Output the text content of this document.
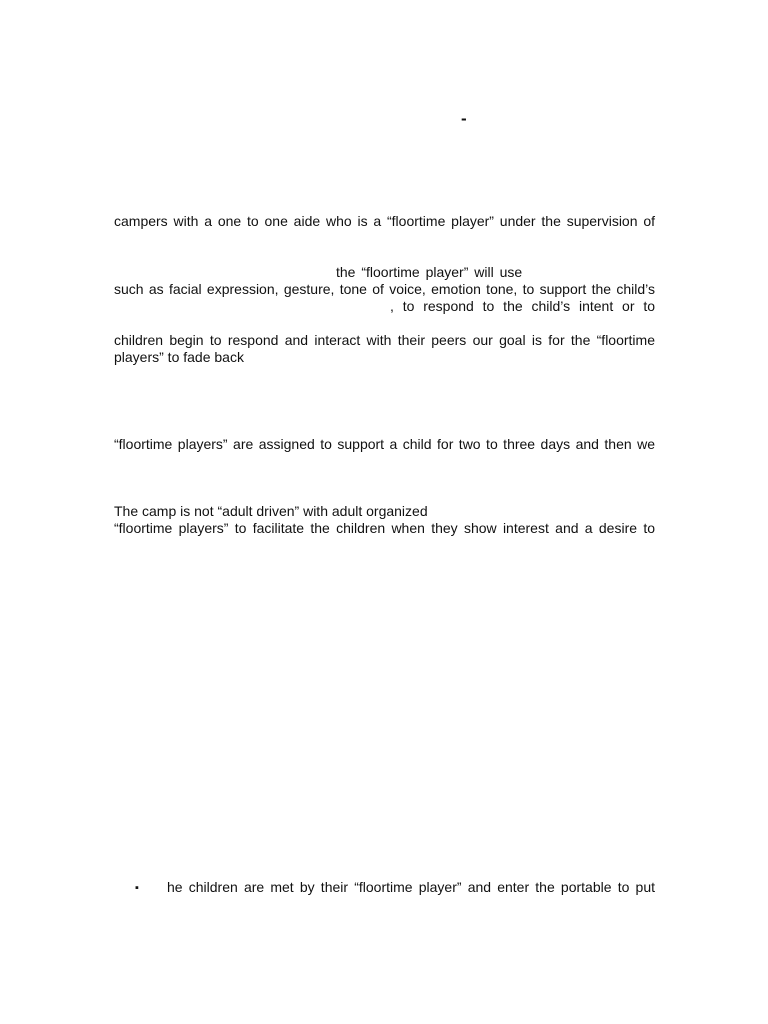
-
campers with a one to one aide who is a “floortime player” under the supervision of
the “floortime player” will use
such as facial expression, gesture, tone of voice, emotion tone, to support the child’s
, to respond to the child’s intent or to
children begin to respond and interact with their peers our goal is for the “floortime
players” to fade back
“floortime players” are assigned to support a child for two to three days and then we
The camp is not “adult driven” with adult organized
“floortime players” to facilitate the children when they show interest and a desire to
▪ he children are met by their “floortime player” and enter the portable to put
